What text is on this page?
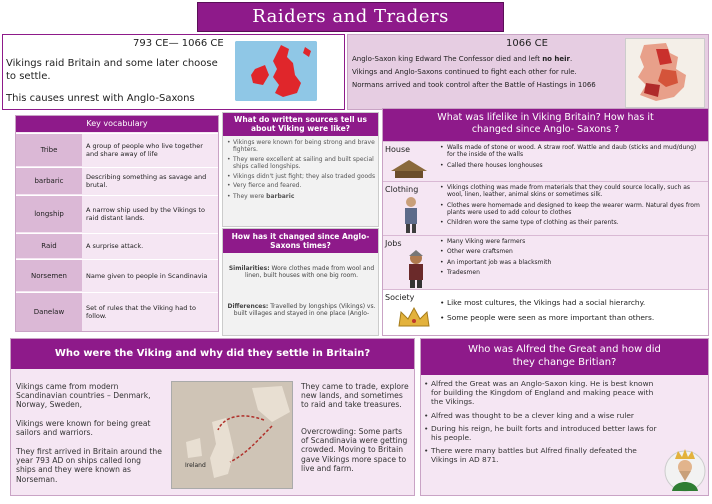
Raiders and Traders
793 CE— 1066 CE
Vikings raid Britain and some later choose
to settle.
This causes unrest with Anglo-Saxons
1066 CE
Anglo-Saxon king Edward The Confessor died and left no heir.
Vikings and Anglo-Saxons continued to fight each other for rule.
Normans arrived and took control after the Battle of Hastings in 1066
Key vocabulary
Tribe	A group of people who live together and share away of life
barbaric	Describing something as savage and brutal.
longship	A narrow ship used by the Vikings to raid distant lands.
Raid	A surprise attack.
Norsemen	Name given to people in Scandinavia
Danelaw	Set of rules that the Viking had to follow.
What do written sources tell us about Viking were like?
• Vikings were known for being strong and brave fighters.
• They were excellent at sailing and built special ships called longships.
• Vikings didn't just fight; they also traded goods
• Very fierce and feared.
• They were barbaric
How has it changed since Anglo- Saxons times?
Similarities: Wore clothes made from wool and linen, built houses with one big room.
Differences: Travelled by longships (Vikings) vs. built villages and stayed in one place (Anglo-
What was lifelike in Viking Britain? How has it
changed since Anglo- Saxons ?
House	• Walls made of stone or wood. A straw roof. Wattle and daub (sticks and mud/dung) for the inside of the walls
• Called there houses longhouses
Clothing	• Vikings clothing was made from materials that they could source locally, such as wool, linen, leather, animal skins or sometimes silk.
• Clothes were homemade and designed to keep the wearer warm. Natural dyes from plants were used to add colour to clothes
• Children wore the same type of clothing as their parents.
Jobs	• Many Viking were farmers
• Other were craftsmen
• An important job was a blacksmith
• Tradesmen
Society
• Like most cultures, the Vikings had a social hierarchy.
• Some people were seen as more important than others.
Who were the Viking and why did they settle in Britain?
Vikings came from modern Scandinavian countries – Denmark, Norway, Sweden,
Vikings were known for being great sailors and warriors.
They first arrived in Britain around the year 793 AD on ships called long ships and they were known as Norseman.
Ireland
They came to trade, explore new lands, and sometimes to raid and take treasures.
Overcrowding: Some parts of Scandinavia were getting crowded. Moving to Britain gave Vikings more space to live and farm.
Who was Alfred the Great and how did
they change Britian?
• Alfred the Great was an Anglo-Saxon king. He is best known for building the Kingdom of England and making peace with the Vikings.
• Alfred was thought to be a clever king and a wise ruler
• During his reign, he built forts and introduced better laws for his people.
• There were many battles but Alfred finally defeated the Vikings in AD 871.
